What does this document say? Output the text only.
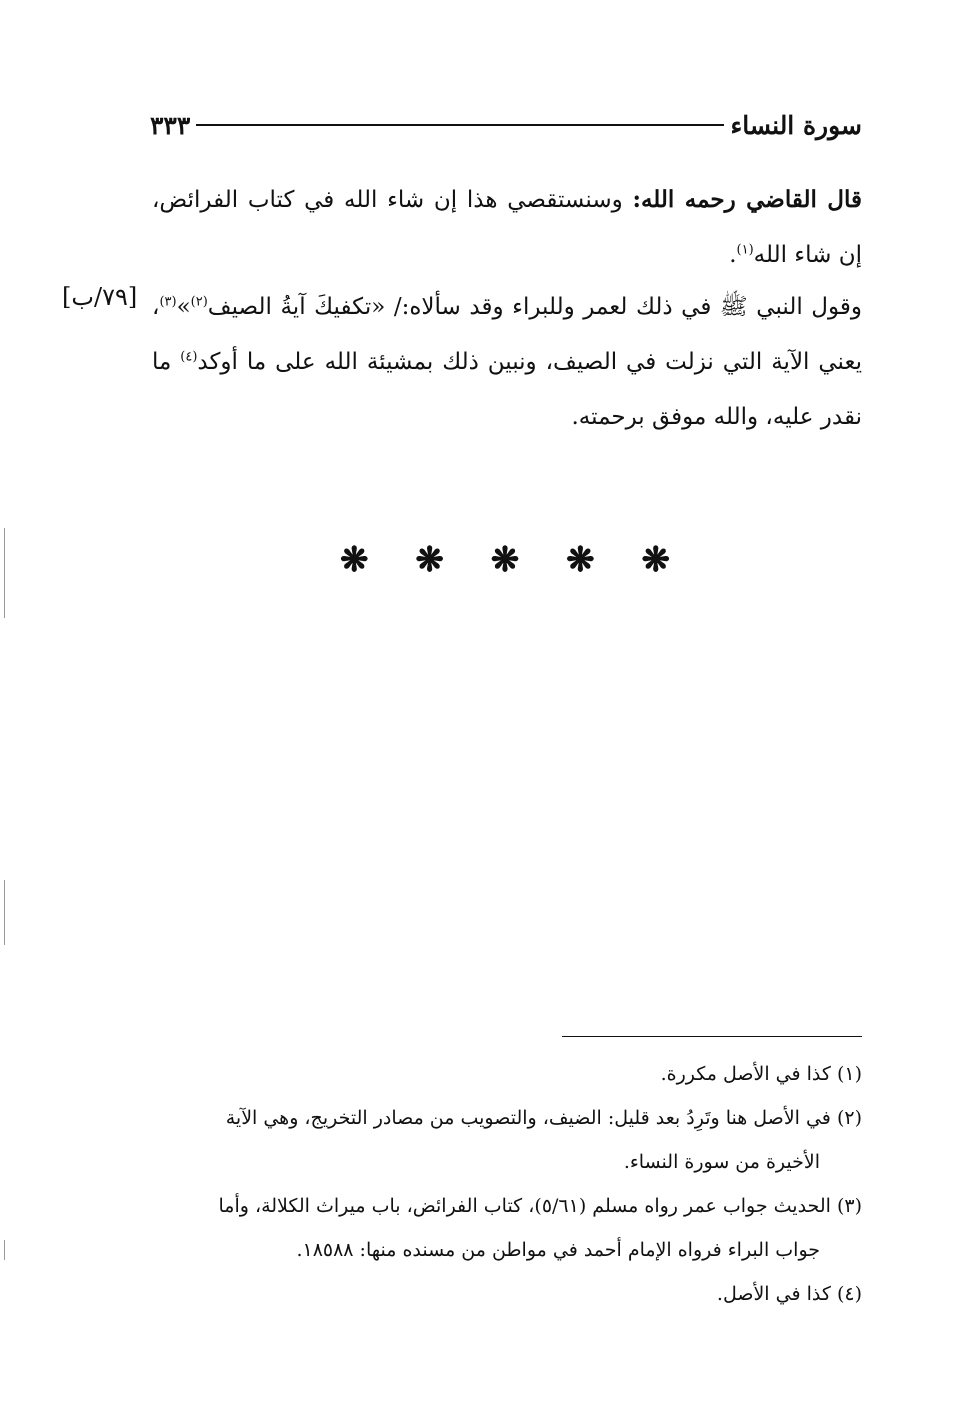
سورة النساء
٣٣٣
قال القاضي رحمه الله: وسنستقصي هذا إن شاء الله في كتاب الفرائض، إن شاء الله$^{(١)}$.
وقول النبي ﷺ في ذلك لعمر وللبراء وقد سألاه:/ «تكفيكَ آيةُ الصيف$^{(٢)}$»$^{(٣)}$، يعني الآية التي نزلت في الصيف، ونبين ذلك بمشيئة الله على ما أوكد$^{(٤)}$ ما نقدر عليه، والله موفق برحمته.
[٧٩/ب]
❋ ❋ ❋ ❋ ❋
(١) كذا في الأصل مكررة.
(٢) في الأصل هنا وتَرِدُ بعد قليل: الضيف، والتصويب من مصادر التخريج، وهي الآية
الأخيرة من سورة النساء.
(٣) الحديث جواب عمر رواه مسلم (٥/٦١)، كتاب الفرائض، باب ميراث الكلالة، وأما
جواب البراء فرواه الإمام أحمد في مواطن من مسنده منها: ١٨٥٨٨.
(٤) كذا في الأصل.
